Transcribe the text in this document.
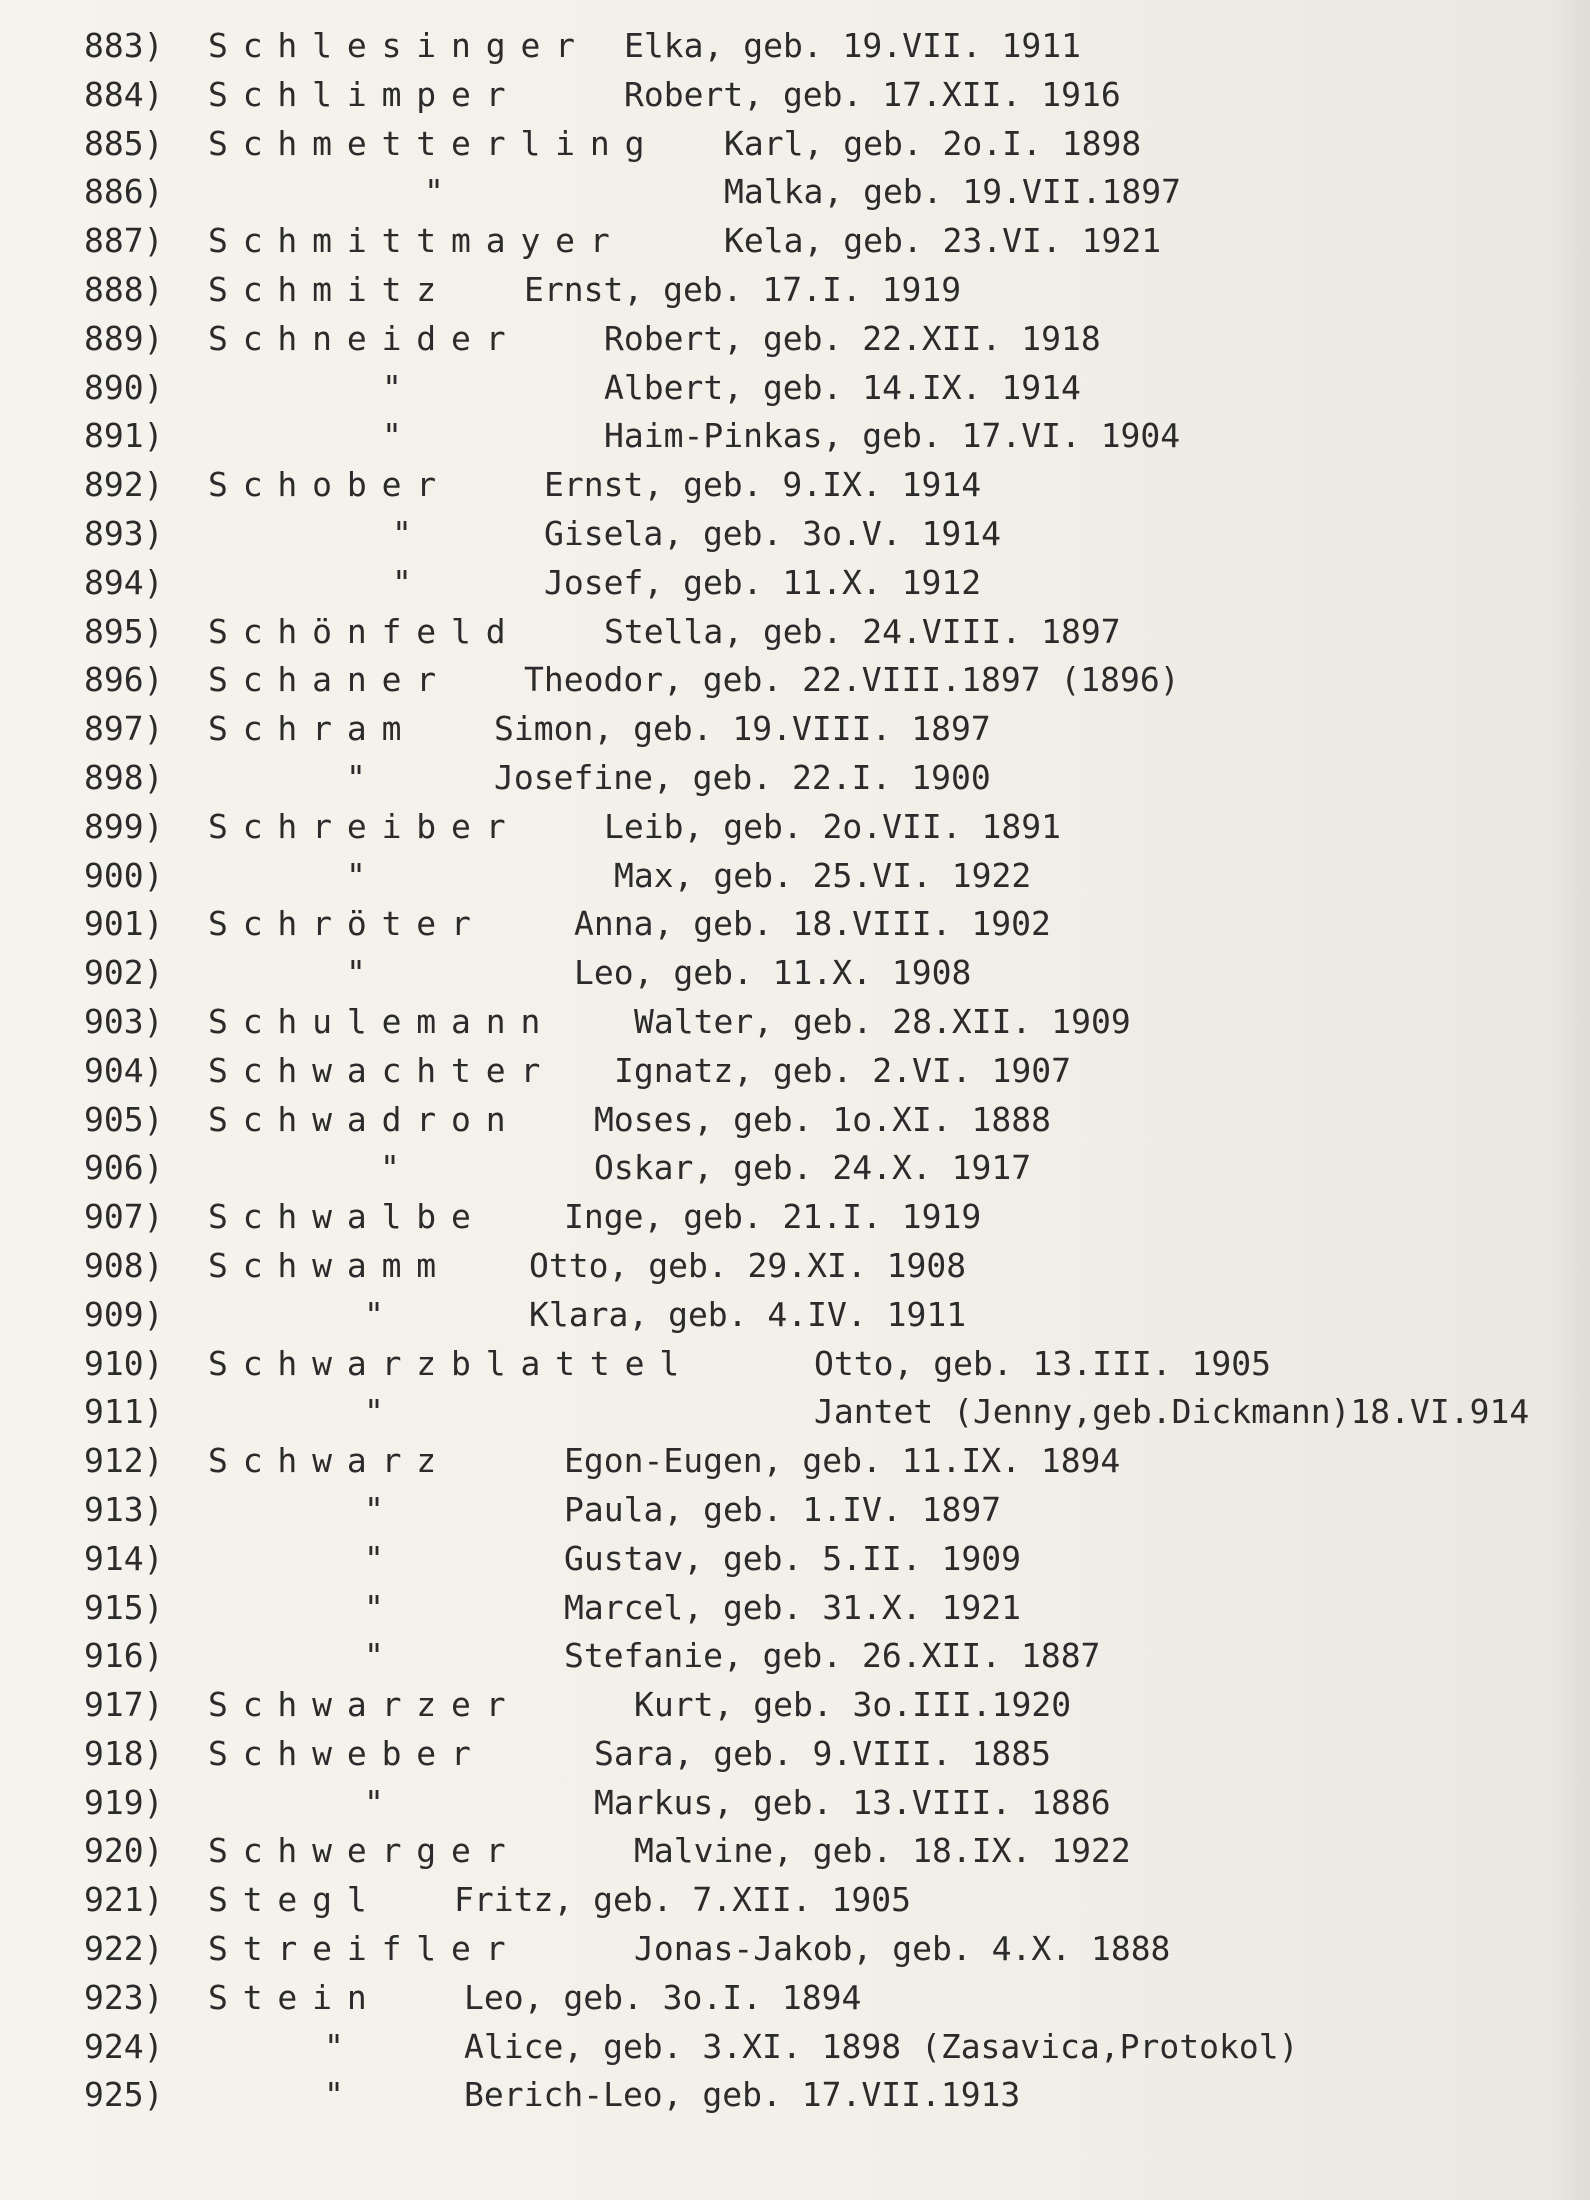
883) Schlesinger Elka, geb. 19.VII. 1911
884) Schlimper	Robert, geb. 17.XII. 1916
885) Schmetterling Karl, geb. 2o.I. 1898
886)	"	Malka, geb. 19.VII.1897
887) Schmittmayer	Kela, geb. 23.VI. 1921
888) Schmitz Ernst, geb. 17.I. 1919
889) Schneider	Robert, geb. 22.XII. 1918
890)	"	Albert, geb. 14.IX. 1914
891)	"	Haim-Pinkas, geb. 17.VI. 1904
892) Schober	Ernst, geb. 9.IX. 1914
893)	"	Gisela, geb. 3o.V. 1914
894)	"	Josef, geb. 11.X. 1912
895) Schönfeld	Stella, geb. 24.VIII. 1897
896) Schaner Theodor, geb. 22.VIII.1897 (1896)
897) Schram Simon, geb. 19.VIII. 1897
898)	"	Josefine, geb. 22.I. 1900
899) Schreiber	Leib, geb. 2o.VII. 1891
900)	"	Max, geb. 25.VI. 1922
901) Schröter	Anna, geb. 18.VIII. 1902
902)	"	Leo, geb. 11.X. 1908
903) Schulemann Walter, geb. 28.XII. 1909
904) Schwachter Ignatz, geb. 2.VI. 1907
905) Schwadron Moses, geb. 1o.XI. 1888
906)	"	Oskar, geb. 24.X. 1917
907) Schwalbe Inge, geb. 21.I. 1919
908) Schwamm Otto, geb. 29.XI. 1908
909)	"	Klara, geb. 4.IV. 1911
910) Schwarzblattel	Otto, geb. 13.III. 1905
911)	"	Jantet (Jenny,geb.Dickmann)18.VI.914
912) Schwarz	Egon-Eugen, geb. 11.IX. 1894
913)	"	Paula, geb. 1.IV. 1897
914)	"	Gustav, geb. 5.II. 1909
915)	"	Marcel, geb. 31.X. 1921
916)	"	Stefanie, geb. 26.XII. 1887
917) Schwarzer	Kurt, geb. 3o.III.1920
918) Schweber	Sara, geb. 9.VIII. 1885
919)	"	Markus, geb. 13.VIII. 1886
920) Schwerger	Malvine, geb. 18.IX. 1922
921) Stegl Fritz, geb. 7.XII. 1905
922) Streifler	Jonas-Jakob, geb. 4.X. 1888
923) Stein Leo, geb. 3o.I. 1894
924)	"	Alice, geb. 3.XI. 1898 (Zasavica,Protokol)
925)	"	Berich-Leo, geb. 17.VII.1913
